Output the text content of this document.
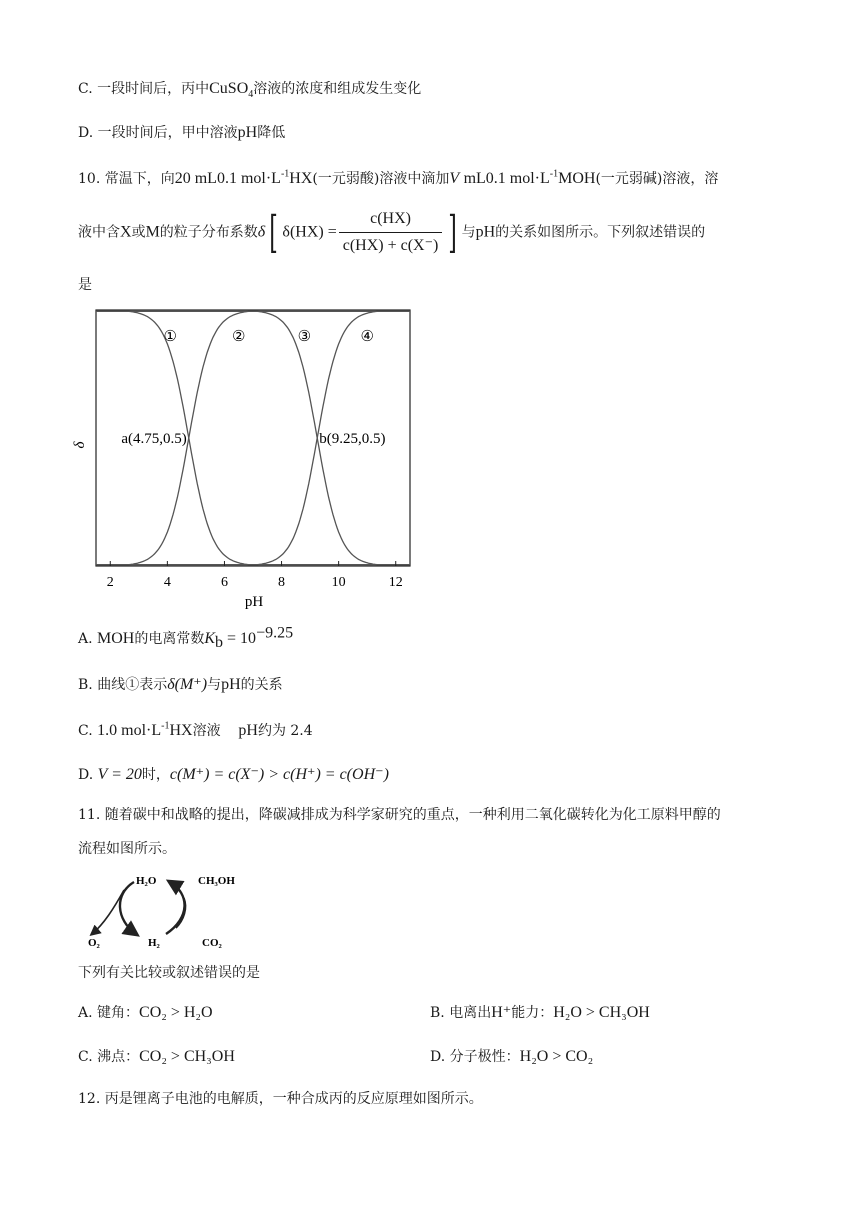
C. 一段时间后，丙中CuSO$_4$溶液的浓度和组成发生变化
D. 一段时间后，甲中溶液pH降低
10. 常温下，向20 mL0.1 $mol\cdot L^{-1}HX$(一元弱酸)溶液中滴加V mL0.1 $mol\cdot L^{-1}MOH$(一元弱碱)溶液，溶
液中含X或M的粒子分布系数δ[ $\delta(HX) = \frac{c(HX)}{c(HX) + c(X^-)}$ ] 与pH的关系如图所示。下列叙述错误的
是
2	4	6	8	10	12
①	②	③	④
a(4.75,0.5)	b(9.25,0.5)
δ
pH
A. MOH的电离常数$K_b = 10^{-9.25}$
B. 曲线①表示δ(M⁺)与pH的关系
C. 1.0 $mol\cdot L^{-1}HX$溶液 pH约为 2.4
D. V = 20时，c(M⁺) = c(X⁻) > c(H⁺) = c(OH⁻)
11. 随着碳中和战略的提出，降碳减排成为科学家研究的重点，一种利用二氧化碳转化为化工原料甲醇的
流程如图所示。
H₂O	CH₃OH
O₂	H₂	CO₂
下列有关比较或叙述错误的是
A. 键角：CO₂ > H₂O	B. 电离出H⁺能力：H₂O > CH₃OH
C. 沸点：CO₂ > CH₃OH	D. 分子极性：H₂O > CO₂
12. 丙是锂离子电池的电解质，一种合成丙的反应原理如图所示。
